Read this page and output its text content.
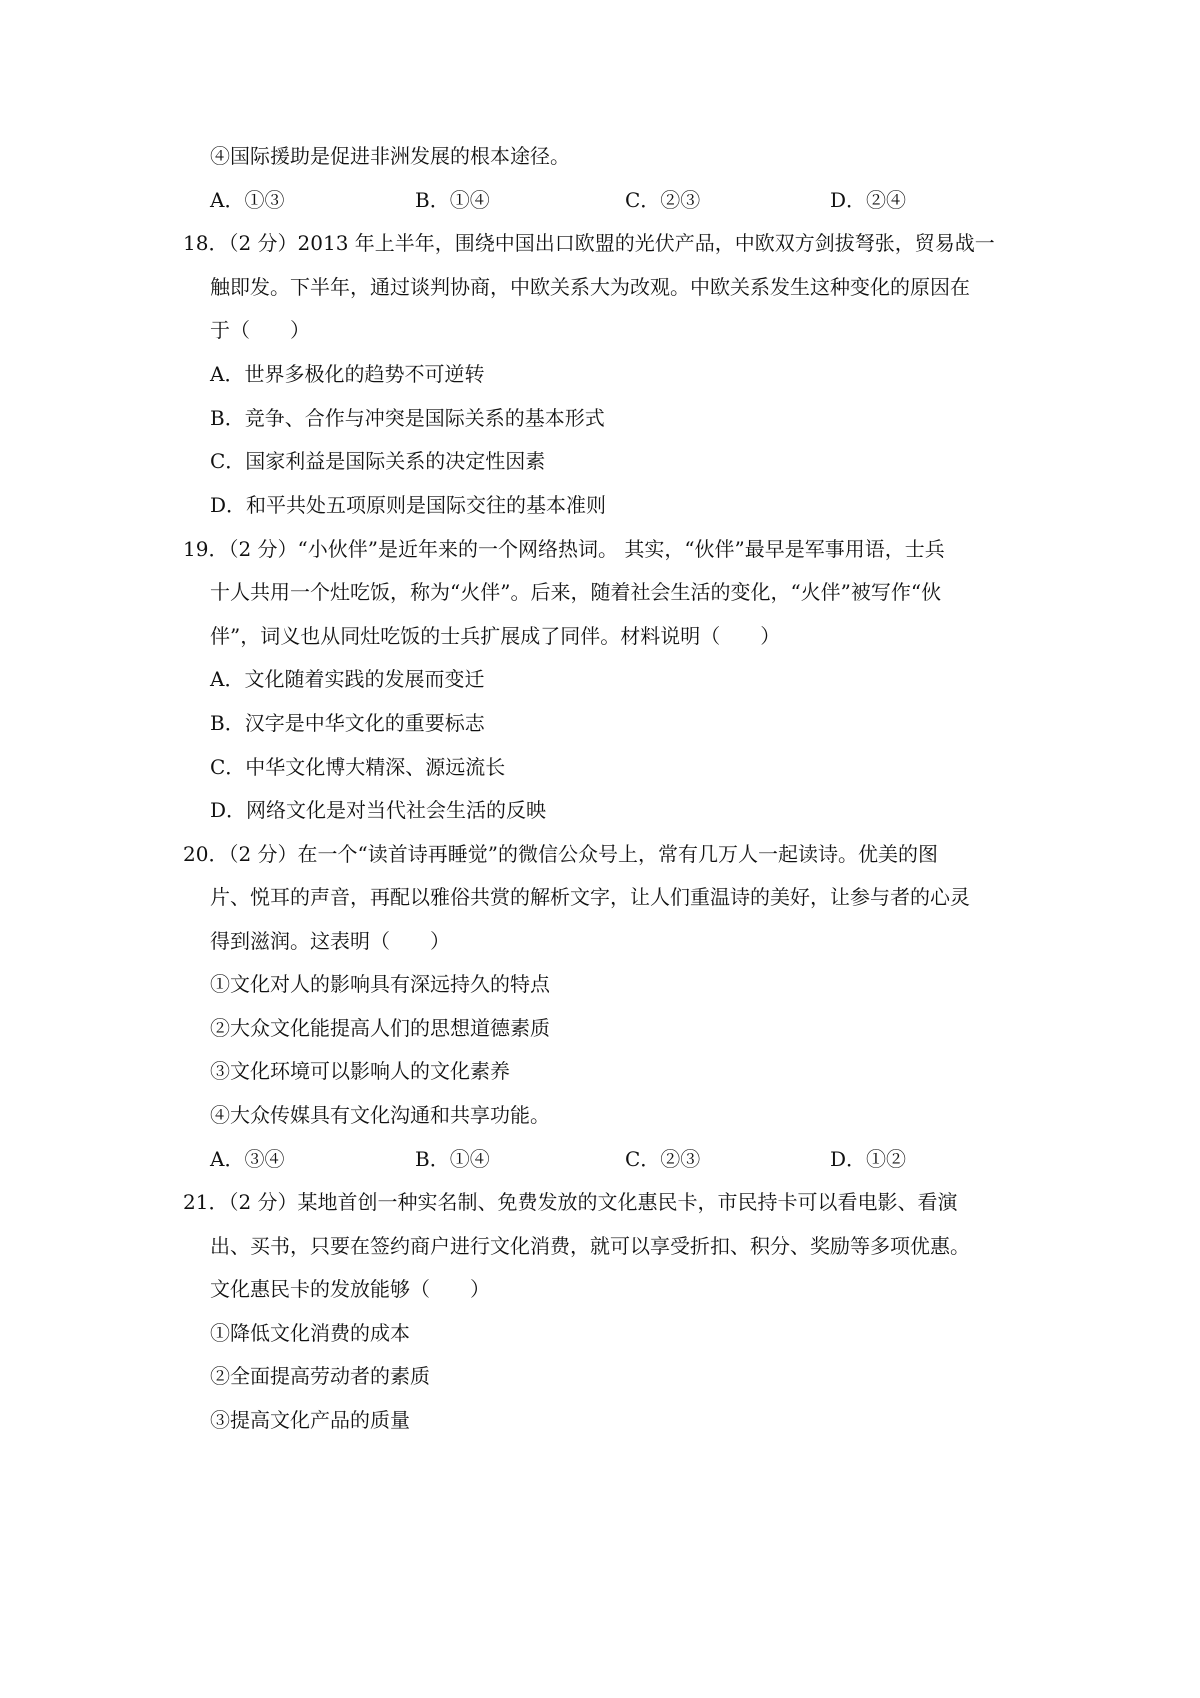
④国际援助是促进非洲发展的根本途径。
A．①③	B．①④	C．②③	D．②④
18．（2 分）2013 年上半年，围绕中国出口欧盟的光伏产品，中欧双方剑拔弩张，贸易战一
触即发。下半年，通过谈判协商，中欧关系大为改观。中欧关系发生这种变化的原因在
于（　　）
A．世界多极化的趋势不可逆转
B．竞争、合作与冲突是国际关系的基本形式
C．国家利益是国际关系的决定性因素
D．和平共处五项原则是国际交往的基本准则
19．（2 分）“小伙伴”是近年来的一个网络热词。 其实，“伙伴”最早是军事用语，士兵
十人共用一个灶吃饭，称为“火伴”。后来，随着社会生活的变化，“火伴”被写作“伙
伴”，词义也从同灶吃饭的士兵扩展成了同伴。材料说明（　　）
A．文化随着实践的发展而变迁
B．汉字是中华文化的重要标志
C．中华文化博大精深、源远流长
D．网络文化是对当代社会生活的反映
20．（2 分）在一个“读首诗再睡觉”的微信公众号上，常有几万人一起读诗。优美的图
片、悦耳的声音，再配以雅俗共赏的解析文字，让人们重温诗的美好，让参与者的心灵
得到滋润。这表明（　　）
①文化对人的影响具有深远持久的特点
②大众文化能提高人们的思想道德素质
③文化环境可以影响人的文化素养
④大众传媒具有文化沟通和共享功能。
A．③④	B．①④	C．②③	D．①②
21．（2 分）某地首创一种实名制、免费发放的文化惠民卡，市民持卡可以看电影、看演
出、买书，只要在签约商户进行文化消费，就可以享受折扣、积分、奖励等多项优惠。
文化惠民卡的发放能够（　　）
①降低文化消费的成本
②全面提高劳动者的素质
③提高文化产品的质量
